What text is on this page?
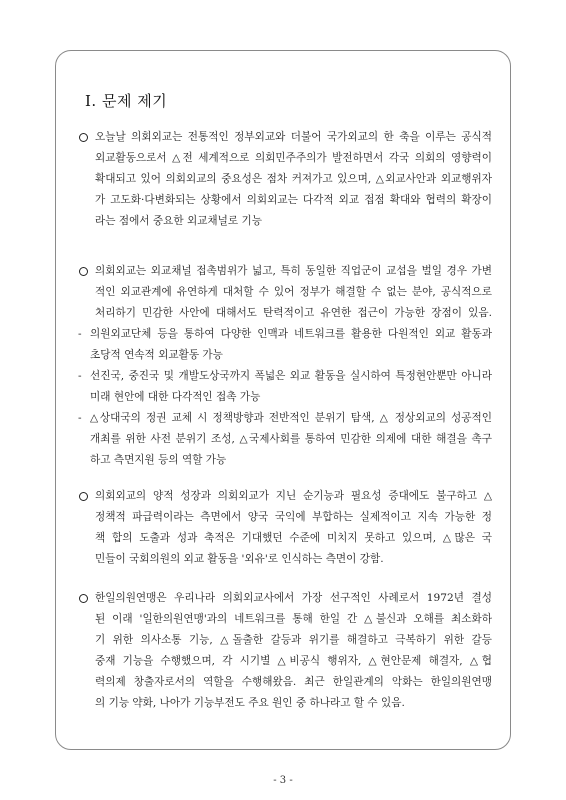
Ⅰ. 문제 제기
오늘날 의회외교는 전통적인 정부외교와 더불어 국가외교의 한 축을 이루는 공식적
외교활동으로서 △전 세계적으로 의회민주주의가 발전하면서 각국 의회의 영향력이
확대되고 있어 의회외교의 중요성은 점차 커져가고 있으며, △외교사안과 외교행위자
가 고도화·다변화되는 상황에서 의회외교는 다각적 외교 접점 확대와 협력의 확장이
라는 점에서 중요한 외교채널로 기능
의회외교는 외교채널 접촉범위가 넓고, 특히 동일한 직업군이 교섭을 벌일 경우 가변
적인 외교관계에 유연하게 대처할 수 있어 정부가 해결할 수 없는 분야, 공식적으로
처리하기 민감한 사안에 대해서도 탄력적이고 유연한 접근이 가능한 장점이 있음.
- 의원외교단체 등을 통하여 다양한 인맥과 네트워크를 활용한 다원적인 외교 활동과
초당적 연속적 외교활동 가능
- 선진국, 중진국 및 개발도상국까지 폭넓은 외교 활동을 실시하여 특정현안뿐만 아니라
미래 현안에 대한 다각적인 접촉 가능
- △상대국의 정권 교체 시 정책방향과 전반적인 분위기 탐색, △ 정상외교의 성공적인
개최를 위한 사전 분위기 조성, △국제사회를 통하여 민감한 의제에 대한 해결을 촉구
하고 측면지원 등의 역할 가능
의회외교의 양적 성장과 의회외교가 지닌 순기능과 필요성 증대에도 불구하고 △
정책적 파급력이라는 측면에서 양국 국익에 부합하는 실제적이고 지속 가능한 정
책 합의 도출과 성과 축적은 기대했던 수준에 미치지 못하고 있으며, △많은 국
민들이 국회의원의 외교 활동을 '외유'로 인식하는 측면이 강함.
한일의원연맹은 우리나라 의회외교사에서 가장 선구적인 사례로서 1972년 결성
된 이래 '일한의원연맹'과의 네트워크를 통해 한일 간 △불신과 오해를 최소화하
기 위한 의사소통 기능, △돌출한 갈등과 위기를 해결하고 극복하기 위한 갈등
중재 기능을 수행했으며, 각 시기별 △비공식 행위자, △현안문제 해결자, △협
력의제 창출자로서의 역할을 수행해왔음. 최근 한일관계의 악화는 한일의원연맹
의 기능 약화, 나아가 기능부전도 주요 원인 중 하나라고 할 수 있음.
- 3 -
